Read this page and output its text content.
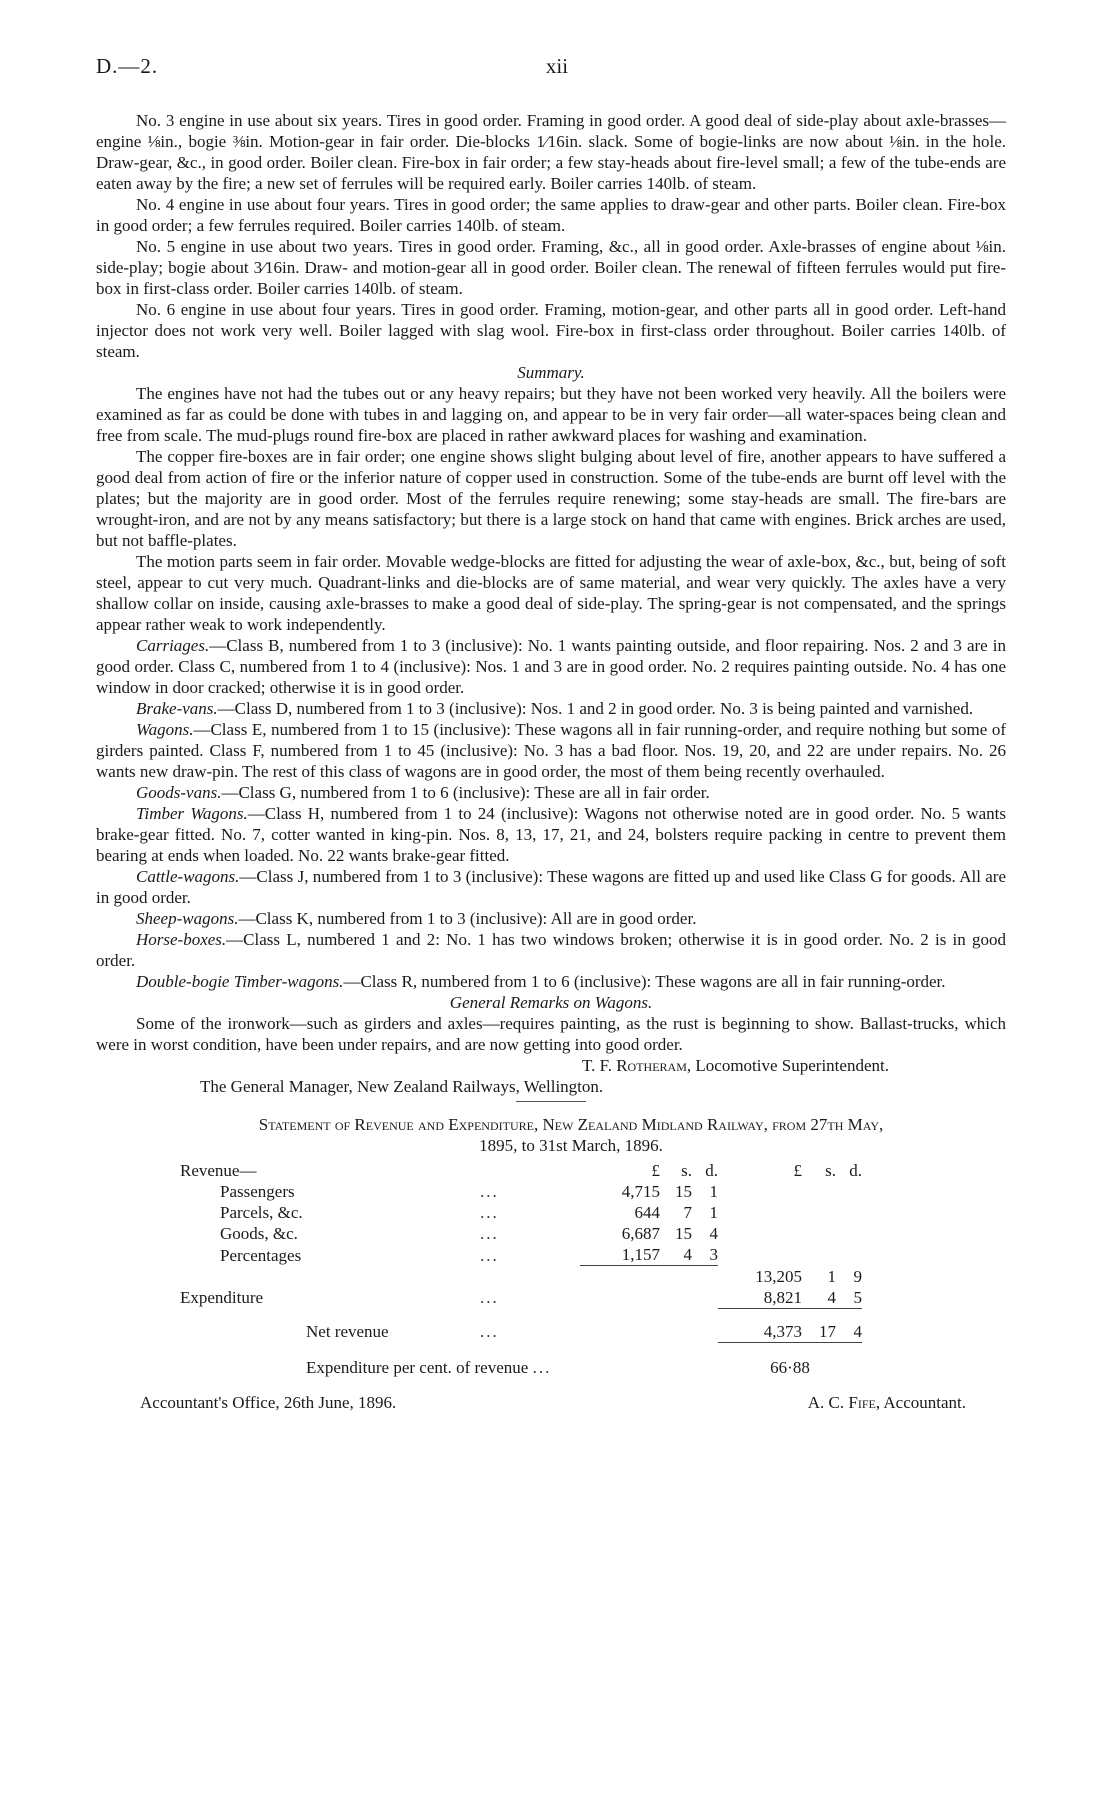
D.—2.	xii

No. 3 engine in use about six years. Tires in good order. Framing in good order. A good deal of side-play about axle-brasses—engine ⅛in., bogie ⅜in. Motion-gear in fair order. Die-blocks 1⁄16in. slack. Some of bogie-links are now about ⅛in. in the hole. Draw-gear, &c., in good order. Boiler clean. Fire-box in fair order; a few stay-heads about fire-level small; a few of the tube-ends are eaten away by the fire; a new set of ferrules will be required early. Boiler carries 140lb. of steam.

No. 4 engine in use about four years. Tires in good order; the same applies to draw-gear and other parts. Boiler clean. Fire-box in good order; a few ferrules required. Boiler carries 140lb. of steam.

No. 5 engine in use about two years. Tires in good order. Framing, &c., all in good order. Axle-brasses of engine about ⅛in. side-play; bogie about 3⁄16in. Draw- and motion-gear all in good order. Boiler clean. The renewal of fifteen ferrules would put fire-box in first-class order. Boiler carries 140lb. of steam.

No. 6 engine in use about four years. Tires in good order. Framing, motion-gear, and other parts all in good order. Left-hand injector does not work very well. Boiler lagged with slag wool. Fire-box in first-class order throughout. Boiler carries 140lb. of steam.

Summary.

The engines have not had the tubes out or any heavy repairs; but they have not been worked very heavily. All the boilers were examined as far as could be done with tubes in and lagging on, and appear to be in very fair order—all water-spaces being clean and free from scale. The mud-plugs round fire-box are placed in rather awkward places for washing and examination.

The copper fire-boxes are in fair order; one engine shows slight bulging about level of fire, another appears to have suffered a good deal from action of fire or the inferior nature of copper used in construction. Some of the tube-ends are burnt off level with the plates; but the majority are in good order. Most of the ferrules require renewing; some stay-heads are small. The fire-bars are wrought-iron, and are not by any means satisfactory; but there is a large stock on hand that came with engines. Brick arches are used, but not baffle-plates.

The motion parts seem in fair order. Movable wedge-blocks are fitted for adjusting the wear of axle-box, &c., but, being of soft steel, appear to cut very much. Quadrant-links and die-blocks are of same material, and wear very quickly. The axles have a very shallow collar on inside, causing axle-brasses to make a good deal of side-play. The spring-gear is not compensated, and the springs appear rather weak to work independently.

Carriages.—Class B, numbered from 1 to 3 (inclusive): No. 1 wants painting outside, and floor repairing. Nos. 2 and 3 are in good order. Class C, numbered from 1 to 4 (inclusive): Nos. 1 and 3 are in good order. No. 2 requires painting outside. No. 4 has one window in door cracked; otherwise it is in good order.

Brake-vans.—Class D, numbered from 1 to 3 (inclusive): Nos. 1 and 2 in good order. No. 3 is being painted and varnished.

Wagons.—Class E, numbered from 1 to 15 (inclusive): These wagons all in fair running-order, and require nothing but some of girders painted. Class F, numbered from 1 to 45 (inclusive): No. 3 has a bad floor. Nos. 19, 20, and 22 are under repairs. No. 26 wants new draw-pin. The rest of this class of wagons are in good order, the most of them being recently overhauled.

Goods-vans.—Class G, numbered from 1 to 6 (inclusive): These are all in fair order.

Timber Wagons.—Class H, numbered from 1 to 24 (inclusive): Wagons not otherwise noted are in good order. No. 5 wants brake-gear fitted. No. 7, cotter wanted in king-pin. Nos. 8, 13, 17, 21, and 24, bolsters require packing in centre to prevent them bearing at ends when loaded. No. 22 wants brake-gear fitted.

Cattle-wagons.—Class J, numbered from 1 to 3 (inclusive): These wagons are fitted up and used like Class G for goods. All are in good order.

Sheep-wagons.—Class K, numbered from 1 to 3 (inclusive): All are in good order.

Horse-boxes.—Class L, numbered 1 and 2: No. 1 has two windows broken; otherwise it is in good order. No. 2 is in good order.

Double-bogie Timber-wagons.—Class R, numbered from 1 to 6 (inclusive): These wagons are all in fair running-order.

General Remarks on Wagons.

Some of the ironwork—such as girders and axles—requires painting, as the rust is beginning to show. Ballast-trucks, which were in worst condition, have been under repairs, and are now getting into good order.

T. F. Rotheram, Locomotive Superintendent.

The General Manager, New Zealand Railways, Wellington.

Statement of Revenue and Expenditure, New Zealand Midland Railway, from 27th May,

1895, to 31st March, 1896.

Revenue—		£	s.	d.	£	s.	d.
Passengers	...	4,715	15	1			
Parcels, &c.	...	644	7	1			
Goods, &c.	...	6,687	15	4			
Percentages	...	1,157	4	3			
					13,205	1	9
Expenditure	...				8,821	4	5
Net revenue	...				4,373	17	4
Expenditure per cent. of revenue ...					66·88		
Accountant's Office, 26th June, 1896.	A. C. Fife, Accountant.
